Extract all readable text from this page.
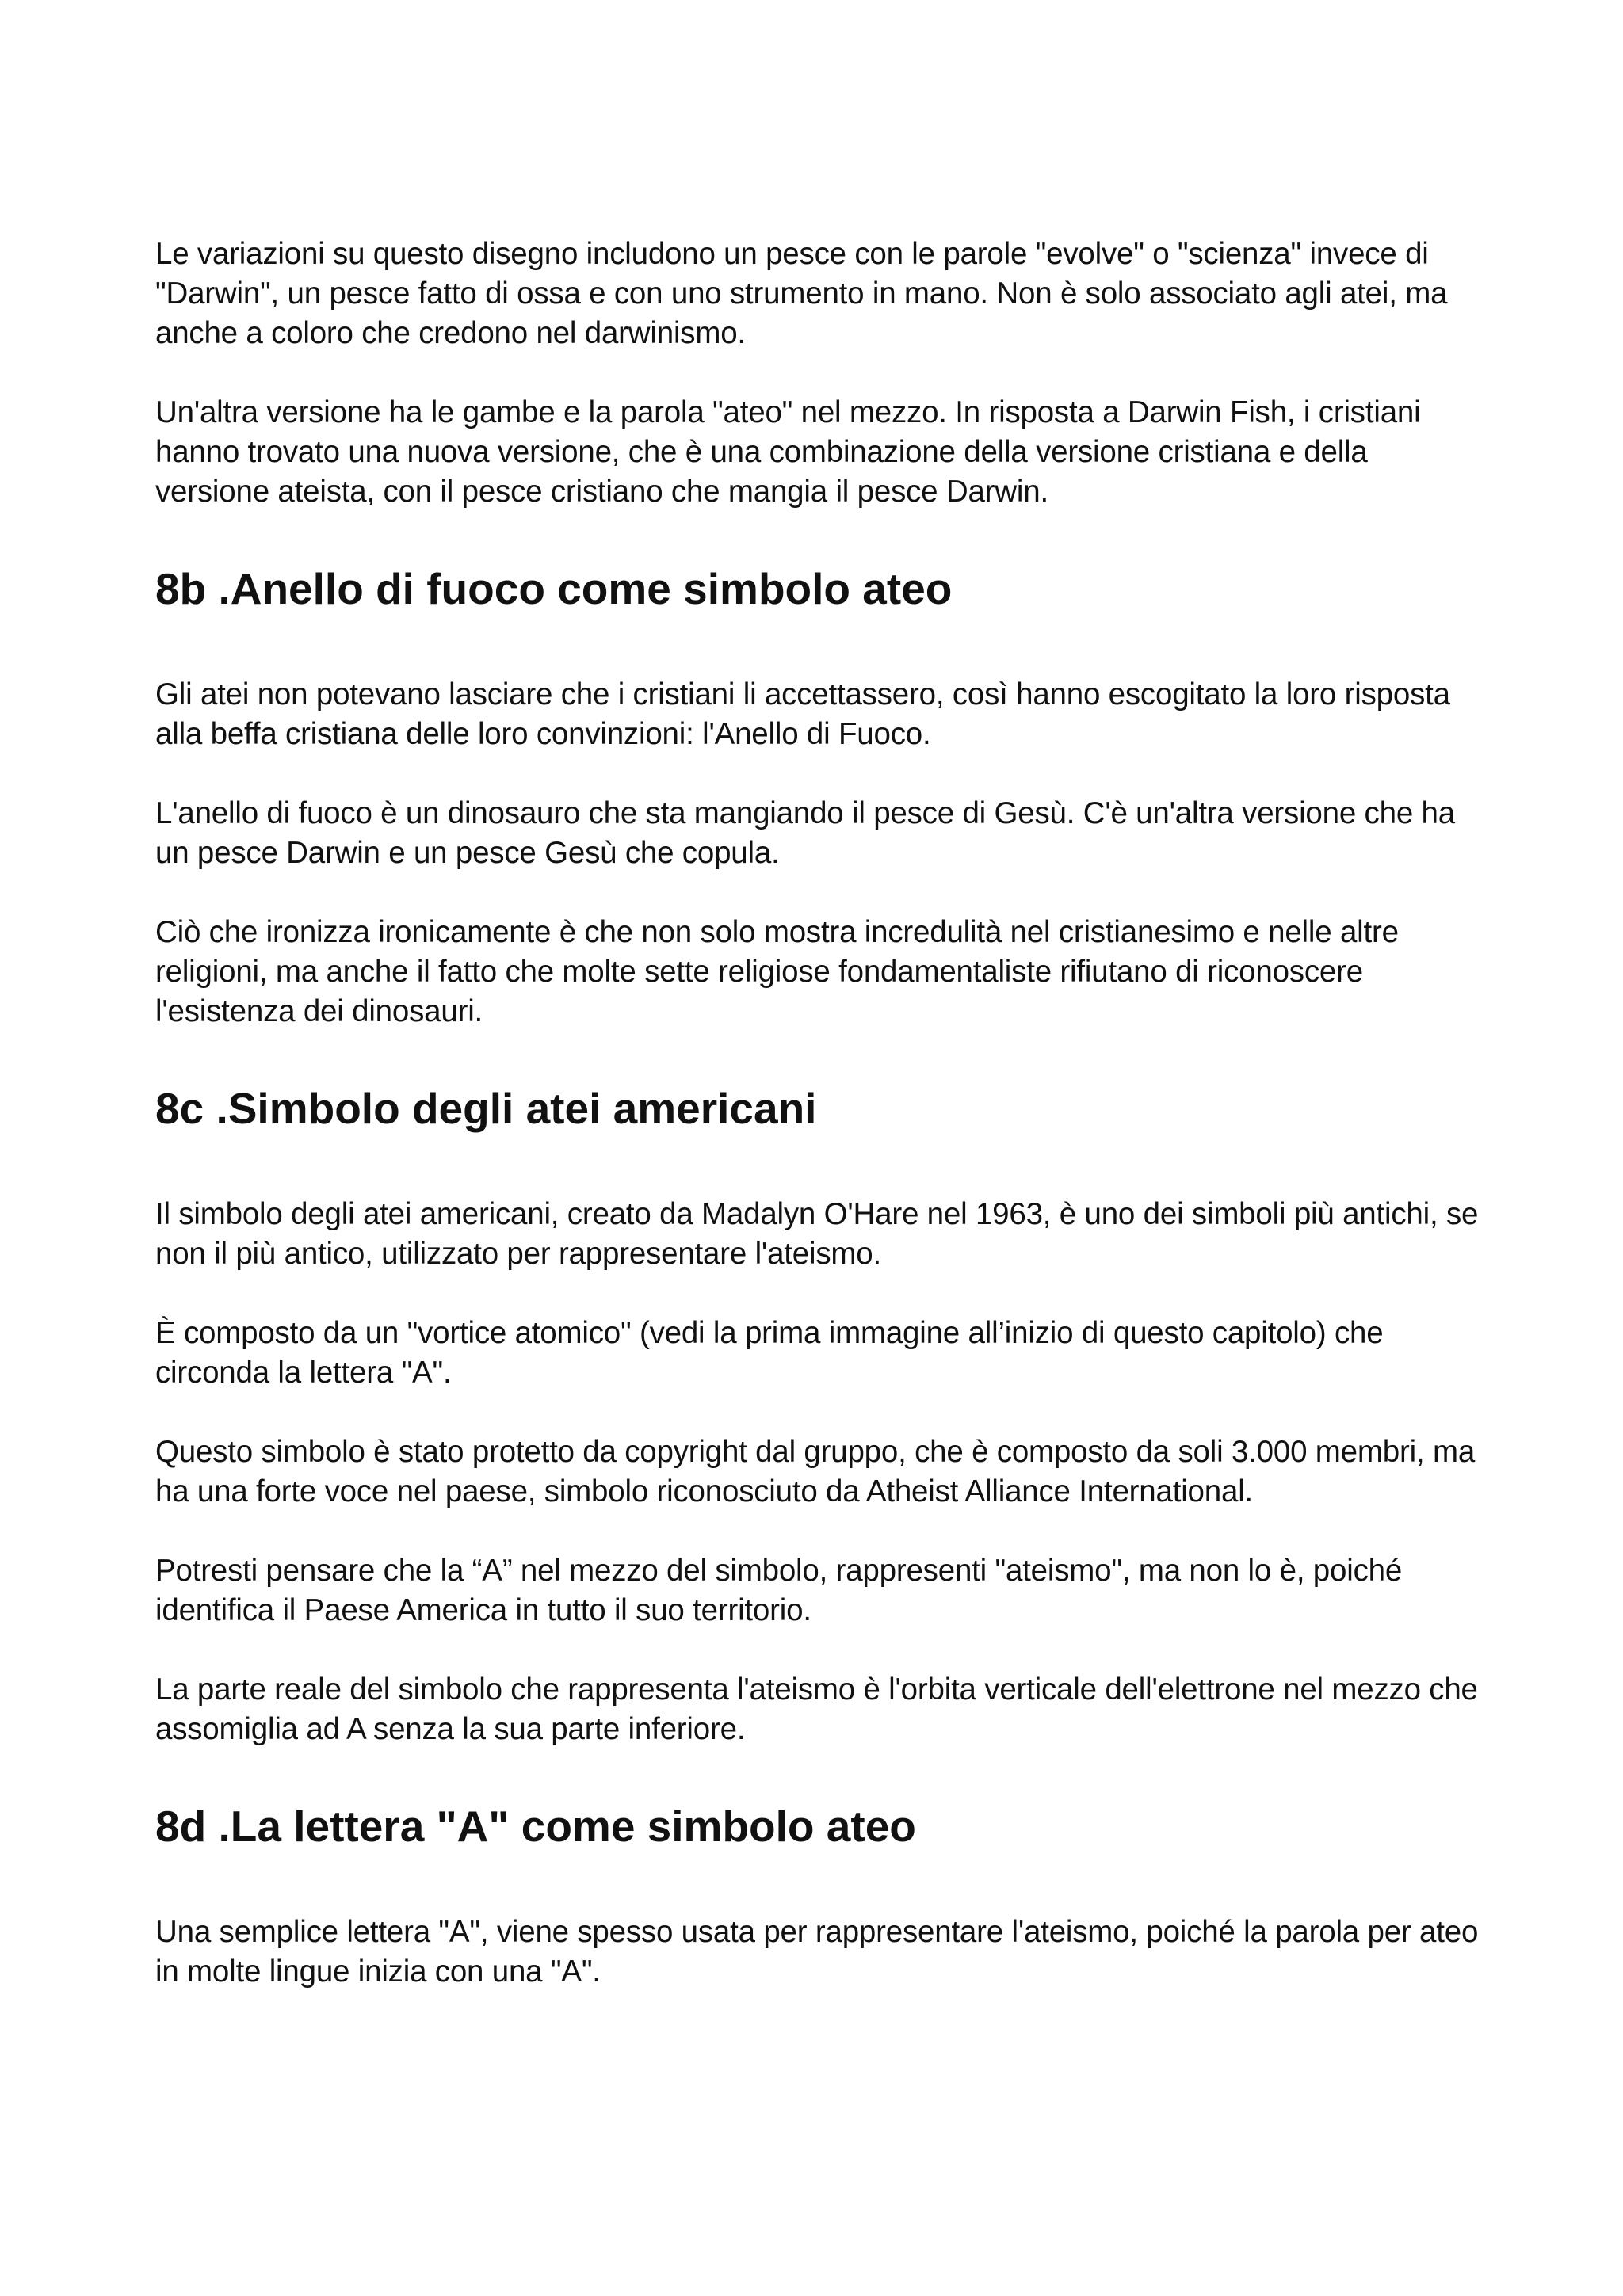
Le variazioni su questo disegno includono un pesce con le parole "evolve" o "scienza" invece di "Darwin", un pesce fatto di ossa e con uno strumento in mano. Non è solo associato agli atei, ma anche a coloro che credono nel darwinismo.

Un'altra versione ha le gambe e la parola "ateo" nel mezzo. In risposta a Darwin Fish, i cristiani hanno trovato una nuova versione, che è una combinazione della versione cristiana e della versione ateista, con il pesce cristiano che mangia il pesce Darwin.

8b .Anello di fuoco come simbolo ateo

Gli atei non potevano lasciare che i cristiani li accettassero, così hanno escogitato la loro risposta alla beffa cristiana delle loro convinzioni: l'Anello di Fuoco.

L'anello di fuoco è un dinosauro che sta mangiando il pesce di Gesù. C'è un'altra versione che ha un pesce Darwin e un pesce Gesù che copula.

Ciò che ironizza ironicamente è che non solo mostra incredulità nel cristianesimo e nelle altre religioni, ma anche il fatto che molte sette religiose fondamentaliste rifiutano di riconoscere l'esistenza dei dinosauri.

8c .Simbolo degli atei americani

Il simbolo degli atei americani, creato da Madalyn O'Hare nel 1963, è uno dei simboli più antichi, se non il più antico, utilizzato per rappresentare l'ateismo.

È composto da un "vortice atomico" (vedi la prima immagine all’inizio di questo capitolo) che circonda la lettera "A".

Questo simbolo è stato protetto da copyright dal gruppo, che è composto da soli 3.000 membri, ma ha una forte voce nel paese, simbolo riconosciuto da Atheist Alliance International.

Potresti pensare che la “A” nel mezzo del simbolo, rappresenti "ateismo", ma non lo è, poiché identifica il Paese America in tutto il suo territorio.

La parte reale del simbolo che rappresenta l'ateismo è l'orbita verticale dell'elettrone nel mezzo che assomiglia ad A senza la sua parte inferiore.

8d .La lettera "A" come simbolo ateo

Una semplice lettera "A", viene spesso usata per rappresentare l'ateismo, poiché la parola per ateo in molte lingue inizia con una "A".
